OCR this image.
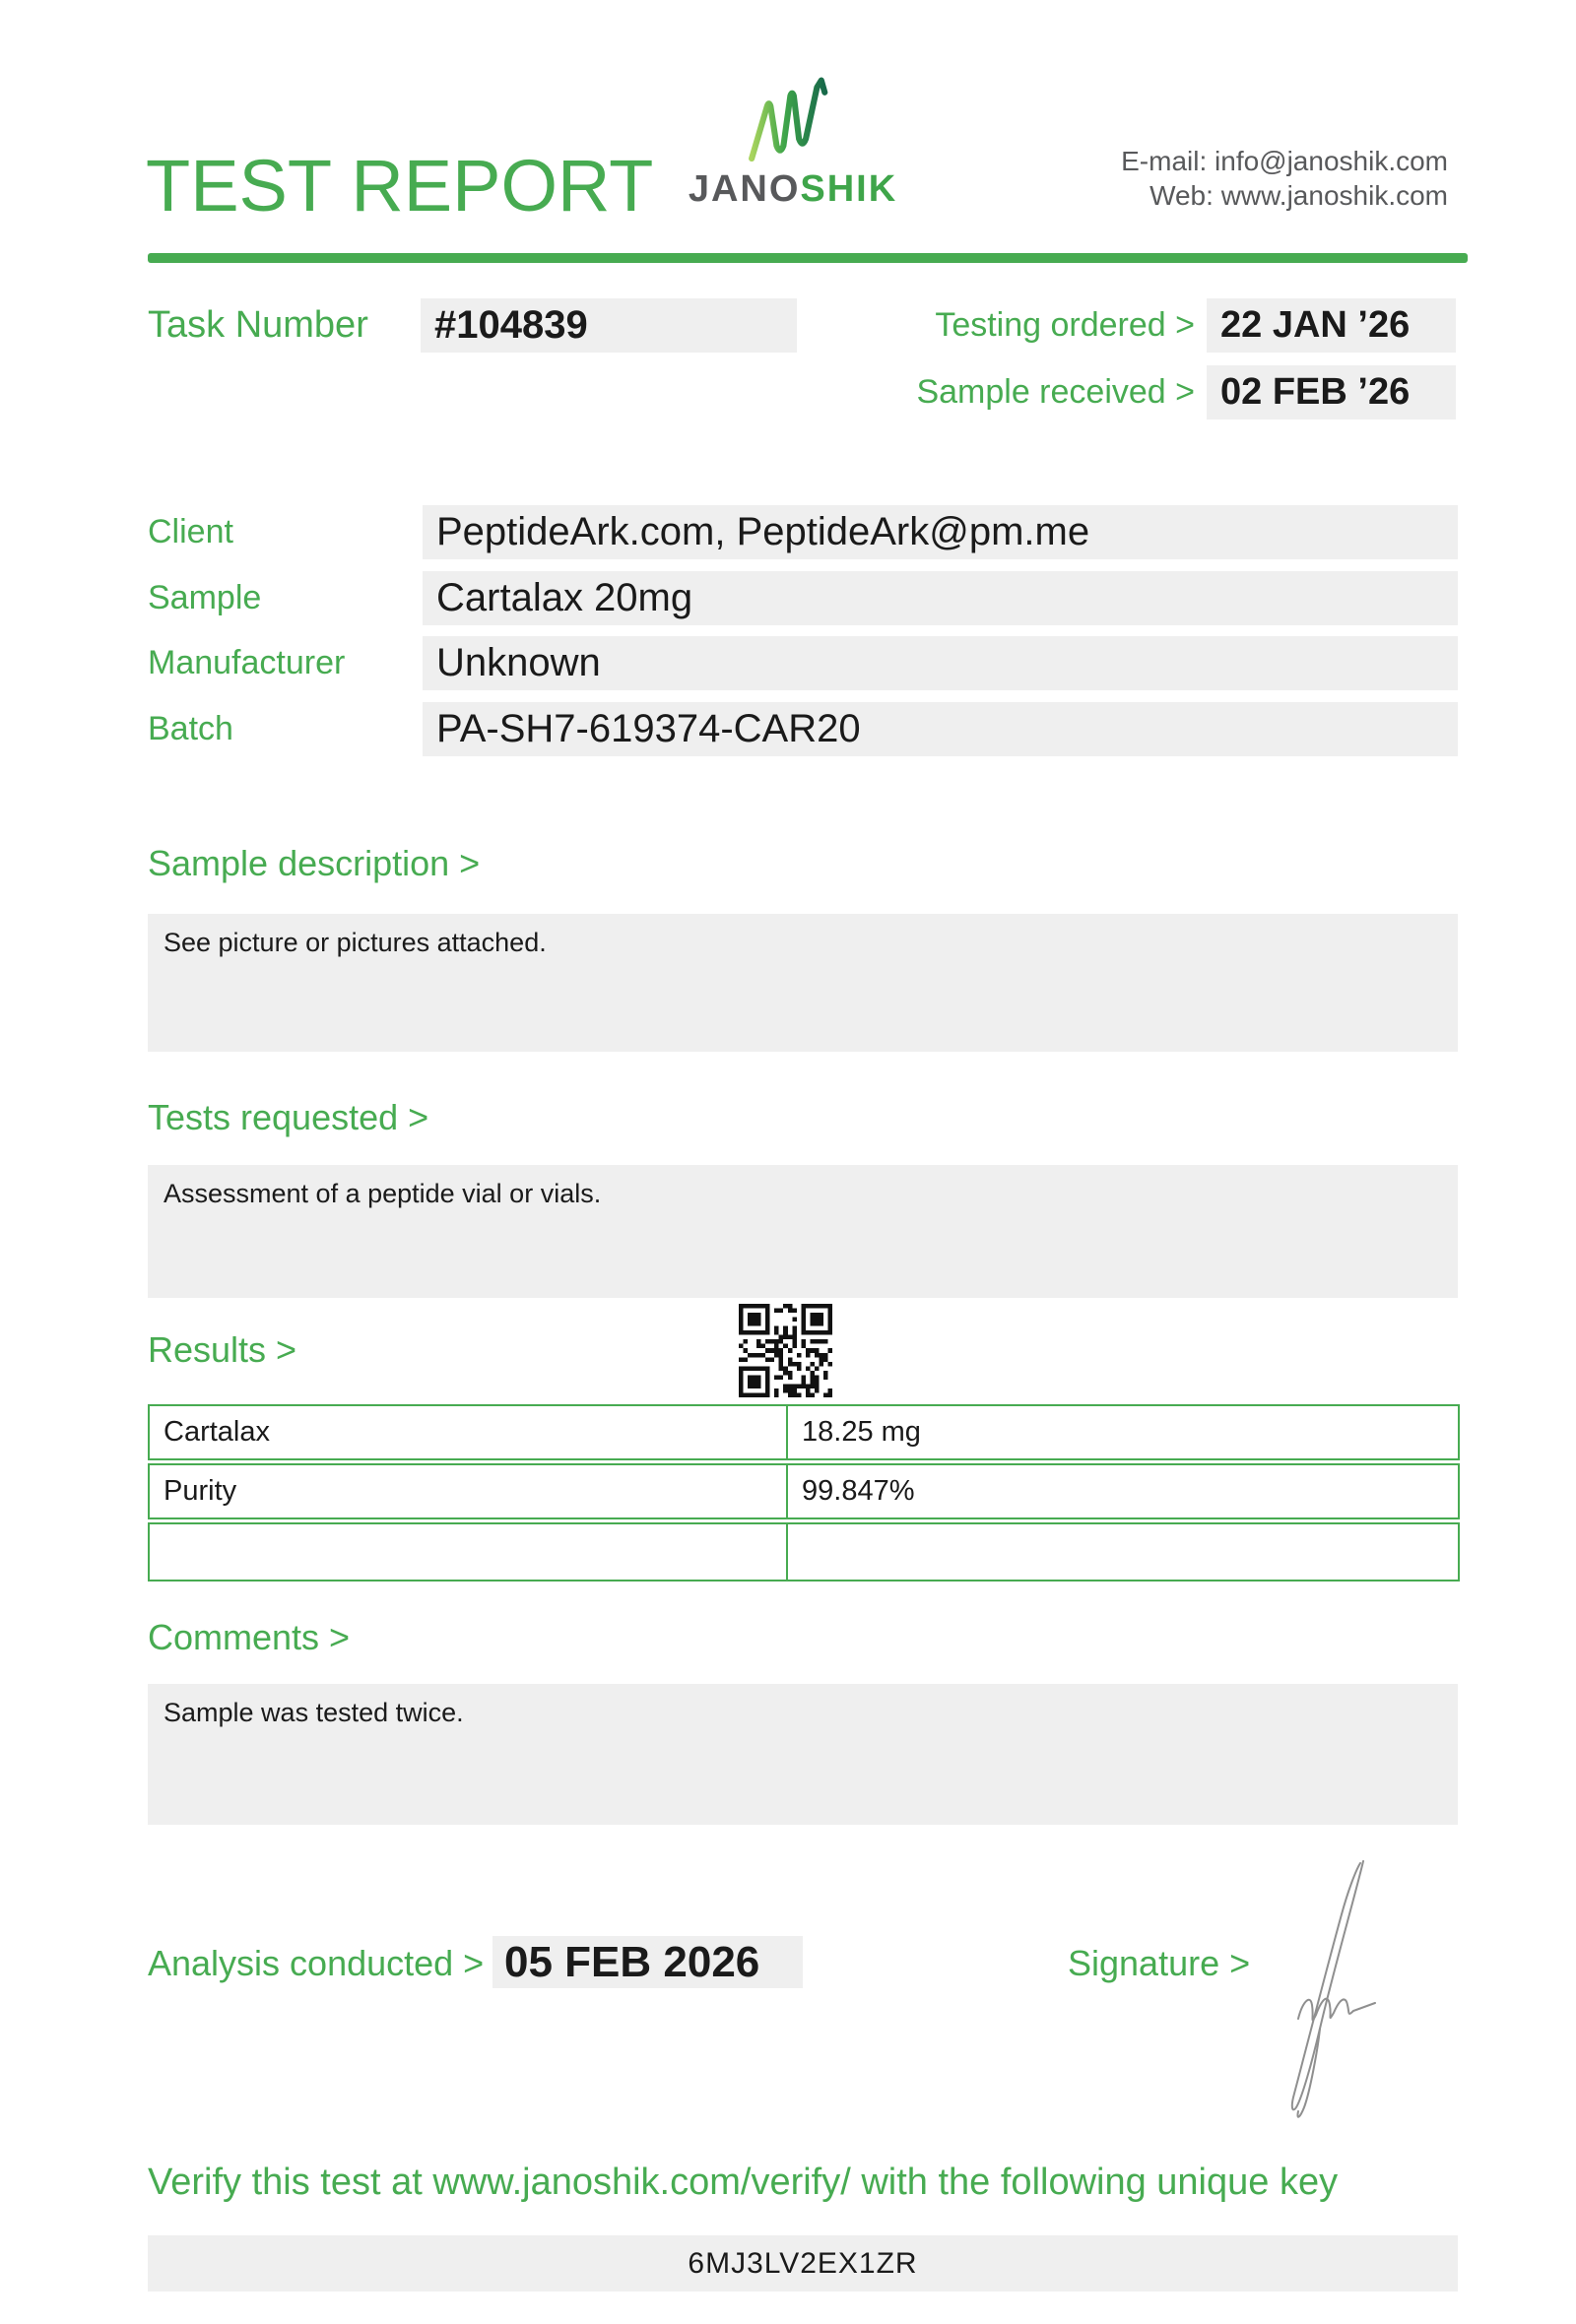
TEST REPORT JANOSHIK
E-mail: info@janoshik.com
Web: www.janoshik.com
Task Number	#104839	Testing ordered > 22 JAN ’26
Sample received > 02 FEB ’26
Client	PeptideArk.com, PeptideArk@pm.me
Sample	Cartalax 20mg
Manufacturer	Unknown
Batch	PA-SH7-619374-CAR20
Sample description >
See picture or pictures attached.
Tests requested >
Assessment of a peptide vial or vials.
Results >
Cartalax	18.25 mg
Purity	99.847%
Comments >
Sample was tested twice.
Analysis conducted > 05 FEB 2026	Signature >
Verify this test at www.janoshik.com/verify/ with the following unique key
6MJ3LV2EX1ZR
